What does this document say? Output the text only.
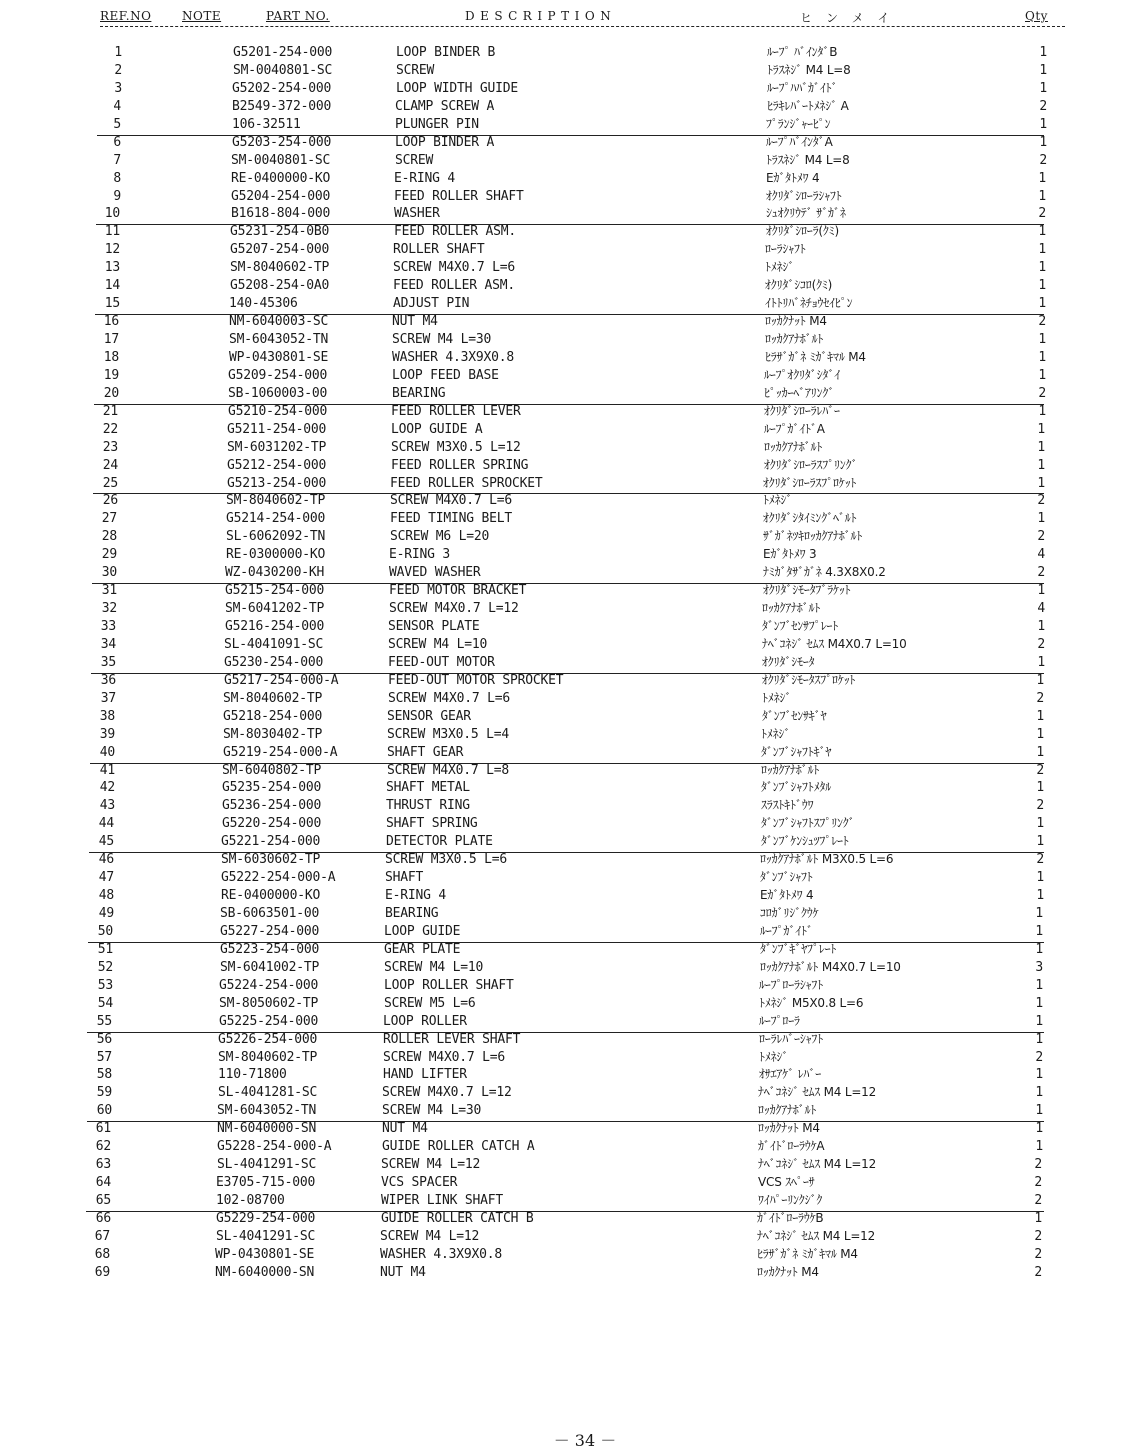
REF.NO	NOTE	PART NO.	DESCRIPTION	ヒンメイ	Qty
1	G5201-254-000	LOOP BINDER B	ﾙｰﾌﾟ ﾊﾞｲﾝﾀﾞB	1
2	SM-0040801-SC	SCREW	ﾄﾗｽﾈｼﾞ M4 L=8	1
3	G5202-254-000	LOOP WIDTH GUIDE	ﾙｰﾌﾟﾊﾊﾞｶﾞｲﾄﾞ	1
4	B2549-372-000	CLAMP SCREW A	ﾋﾗｷﾚﾊﾞｰﾄﾒﾈｼﾞ A	2
5	106-32511	PLUNGER PIN	ﾌﾟﾗﾝｼﾞｬｰﾋﾟﾝ	1
6	G5203-254-000	LOOP BINDER A	ﾙｰﾌﾟﾊﾞｲﾝﾀﾞA	1
7	SM-0040801-SC	SCREW	ﾄﾗｽﾈｼﾞ M4 L=8	2
8	RE-0400000-KO	E-RING 4	Eｶﾞﾀﾄﾒﾜ 4	1
9	G5204-254-000	FEED ROLLER SHAFT	ｵｸﾘﾀﾞｼﾛｰﾗｼｬﾌﾄ	1
10	B1618-804-000	WASHER	ｼｭｵｸﾘｳﾃﾞ ｻﾞｶﾞﾈ	2
11	G5231-254-0B0	FEED ROLLER ASM.	ｵｸﾘﾀﾞｼﾛｰﾗ(ｸﾐ)	1
12	G5207-254-000	ROLLER SHAFT	ﾛｰﾗｼｬﾌﾄ	1
13	SM-8040602-TP	SCREW M4X0.7 L=6	ﾄﾒﾈｼﾞ	1
14	G5208-254-0A0	FEED ROLLER ASM.	ｵｸﾘﾀﾞｼｺﾛ(ｸﾐ)	1
15	140-45306	ADJUST PIN	ｲﾄﾄﾘﾊﾞﾈﾁｮｳｾｲﾋﾟﾝ	1
16	NM-6040003-SC	NUT M4	ﾛｯｶｸﾅｯﾄ M4	2
17	SM-6043052-TN	SCREW M4 L=30	ﾛｯｶｸｱﾅﾎﾞﾙﾄ	1
18	WP-0430801-SE	WASHER 4.3X9X0.8	ﾋﾗｻﾞｶﾞﾈ ﾐｶﾞｷﾏﾙ M4	1
19	G5209-254-000	LOOP FEED BASE	ﾙｰﾌﾟｵｸﾘﾀﾞｼﾀﾞｲ	1
20	SB-1060003-00	BEARING	ﾋﾟｯｶｰﾍﾞｱﾘﾝｸﾞ	2
21	G5210-254-000	FEED ROLLER LEVER	ｵｸﾘﾀﾞｼﾛｰﾗﾚﾊﾞｰ	1
22	G5211-254-000	LOOP GUIDE A	ﾙｰﾌﾟｶﾞｲﾄﾞA	1
23	SM-6031202-TP	SCREW M3X0.5 L=12	ﾛｯｶｸｱﾅﾎﾞﾙﾄ	1
24	G5212-254-000	FEED ROLLER SPRING	ｵｸﾘﾀﾞｼﾛｰﾗｽﾌﾟﾘﾝｸﾞ	1
25	G5213-254-000	FEED ROLLER SPROCKET	ｵｸﾘﾀﾞｼﾛｰﾗｽﾌﾟﾛｹｯﾄ	1
26	SM-8040602-TP	SCREW M4X0.7 L=6	ﾄﾒﾈｼﾞ	2
27	G5214-254-000	FEED TIMING BELT	ｵｸﾘﾀﾞｼﾀｲﾐﾝｸﾞﾍﾞﾙﾄ	1
28	SL-6062092-TN	SCREW M6 L=20	ｻﾞｶﾞﾈﾂｷﾛｯｶｸｱﾅﾎﾞﾙﾄ	2
29	RE-0300000-KO	E-RING 3	Eｶﾞﾀﾄﾒﾜ 3	4
30	WZ-0430200-KH	WAVED WASHER	ﾅﾐｶﾞﾀｻﾞｶﾞﾈ 4.3X8X0.2	2
31	G5215-254-000	FEED MOTOR BRACKET	ｵｸﾘﾀﾞｼﾓｰﾀﾌﾞﾗｹｯﾄ	1
32	SM-6041202-TP	SCREW M4X0.7 L=12	ﾛｯｶｸｱﾅﾎﾞﾙﾄ	4
33	G5216-254-000	SENSOR PLATE	ﾀﾞﾝﾌﾞｾﾝｻﾌﾟﾚｰﾄ	1
34	SL-4041091-SC	SCREW M4 L=10	ﾅﾍﾞｺﾈｼﾞ ｾﾑｽ M4X0.7 L=10	2
35	G5230-254-000	FEED-OUT MOTOR	ｵｸﾘﾀﾞｼﾓｰﾀ	1
36	G5217-254-000-A	FEED-OUT MOTOR SPROCKET	ｵｸﾘﾀﾞｼﾓｰﾀｽﾌﾟﾛｹｯﾄ	1
37	SM-8040602-TP	SCREW M4X0.7 L=6	ﾄﾒﾈｼﾞ	2
38	G5218-254-000	SENSOR GEAR	ﾀﾞﾝﾌﾞｾﾝｻｷﾞﾔ	1
39	SM-8030402-TP	SCREW M3X0.5 L=4	ﾄﾒﾈｼﾞ	1
40	G5219-254-000-A	SHAFT GEAR	ﾀﾞﾝﾌﾞｼｬﾌﾄｷﾞﾔ	1
41	SM-6040802-TP	SCREW M4X0.7 L=8	ﾛｯｶｸｱﾅﾎﾞﾙﾄ	2
42	G5235-254-000	SHAFT METAL	ﾀﾞﾝﾌﾞｼｬﾌﾄﾒﾀﾙ	1
43	G5236-254-000	THRUST RING	ｽﾗｽﾄｷﾄﾞｳﾜ	2
44	G5220-254-000	SHAFT SPRING	ﾀﾞﾝﾌﾞｼｬﾌﾄｽﾌﾟﾘﾝｸﾞ	1
45	G5221-254-000	DETECTOR PLATE	ﾀﾞﾝﾌﾞｹﾝｼｭﾂﾌﾟﾚｰﾄ	1
46	SM-6030602-TP	SCREW M3X0.5 L=6	ﾛｯｶｸｱﾅﾎﾞﾙﾄ M3X0.5 L=6	2
47	G5222-254-000-A	SHAFT	ﾀﾞﾝﾌﾞｼｬﾌﾄ	1
48	RE-0400000-KO	E-RING 4	Eｶﾞﾀﾄﾒﾜ 4	1
49	SB-6063501-00	BEARING	ｺﾛｶﾞﾘｼﾞｸｳｹ	1
50	G5227-254-000	LOOP GUIDE	ﾙｰﾌﾟｶﾞｲﾄﾞ	1
51	G5223-254-000	GEAR PLATE	ﾀﾞﾝﾌﾞｷﾞﾔﾌﾟﾚｰﾄ	1
52	SM-6041002-TP	SCREW M4 L=10	ﾛｯｶｸｱﾅﾎﾞﾙﾄ M4X0.7 L=10	3
53	G5224-254-000	LOOP ROLLER SHAFT	ﾙｰﾌﾟﾛｰﾗｼｬﾌﾄ	1
54	SM-8050602-TP	SCREW M5 L=6	ﾄﾒﾈｼﾞ M5X0.8 L=6	1
55	G5225-254-000	LOOP ROLLER	ﾙｰﾌﾟﾛｰﾗ	1
56	G5226-254-000	ROLLER LEVER SHAFT	ﾛｰﾗﾚﾊﾞｰｼｬﾌﾄ	1
57	SM-8040602-TP	SCREW M4X0.7 L=6	ﾄﾒﾈｼﾞ	2
58	110-71800	HAND LIFTER	ｵｻｴｱｹﾞ ﾚﾊﾞｰ	1
59	SL-4041281-SC	SCREW M4X0.7 L=12	ﾅﾍﾞｺﾈｼﾞ ｾﾑｽ M4 L=12	1
60	SM-6043052-TN	SCREW M4 L=30	ﾛｯｶｸｱﾅﾎﾞﾙﾄ	1
61	NM-6040000-SN	NUT M4	ﾛｯｶｸﾅｯﾄ M4	1
62	G5228-254-000-A	GUIDE ROLLER CATCH A	ｶﾞｲﾄﾞﾛｰﾗｳｹA	1
63	SL-4041291-SC	SCREW M4 L=12	ﾅﾍﾞｺﾈｼﾞ ｾﾑｽ M4 L=12	2
64	E3705-715-000	VCS SPACER	VCS ｽﾍﾟｰｻ	2
65	102-08700	WIPER LINK SHAFT	ﾜｲﾊﾟｰﾘﾝｸｼﾞｸ	2
66	G5229-254-000	GUIDE ROLLER CATCH B	ｶﾞｲﾄﾞﾛｰﾗｳｹB	1
67	SL-4041291-SC	SCREW M4 L=12	ﾅﾍﾞｺﾈｼﾞ ｾﾑｽ M4 L=12	2
68	WP-0430801-SE	WASHER 4.3X9X0.8	ﾋﾗｻﾞｶﾞﾈ ﾐｶﾞｷﾏﾙ M4	2
69	NM-6040000-SN	NUT M4	ﾛｯｶｸﾅｯﾄ M4	2
－ 34 －
